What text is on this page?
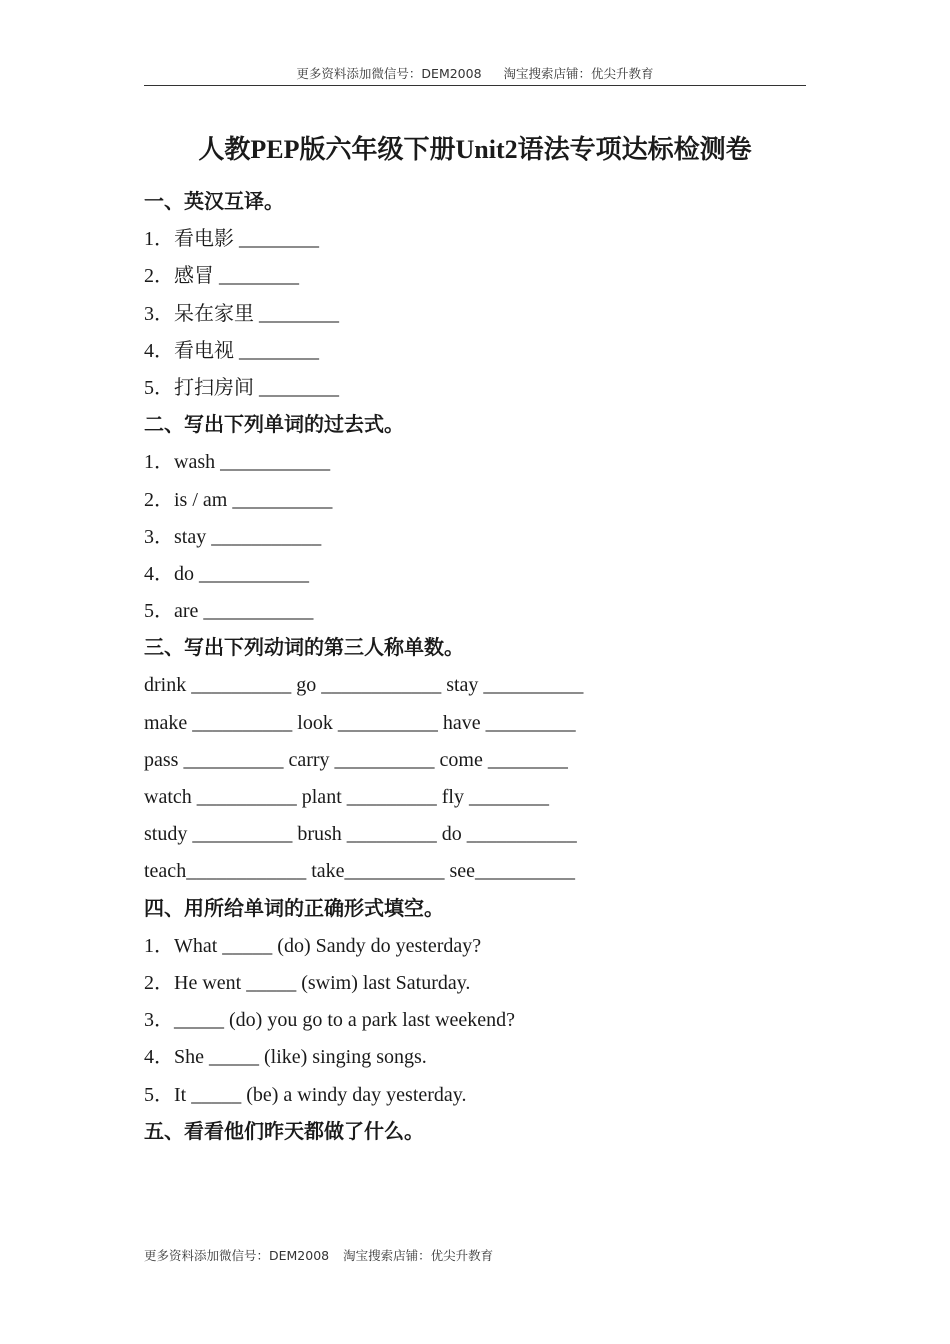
更多资料添加微信号：DEM2008 淘宝搜索店铺：优尖升教育
人教PEP版六年级下册Unit2语法专项达标检测卷
一、英汉互译。
1．看电影 ________
2．感冒 ________
3．呆在家里 ________
4．看电视 ________
5．打扫房间 ________
二、写出下列单词的过去式。
1．wash ___________
2．is / am __________
3．stay ___________
4．do ___________
5．are ___________
三、写出下列动词的第三人称单数。
drink __________ go ____________ stay __________
make __________ look __________ have _________
pass __________ carry __________ come ________
watch __________ plant _________ fly ________
study __________ brush _________ do ___________
teach____________ take__________ see__________
四、用所给单词的正确形式填空。
1．What _____ (do) Sandy do yesterday?
2．He went _____ (swim) last Saturday.
3．_____ (do) you go to a park last weekend?
4．She _____ (like) singing songs.
5．It _____ (be) a windy day yesterday.
五、看看他们昨天都做了什么。
更多资料添加微信号：DEM2008 淘宝搜索店铺：优尖升教育
